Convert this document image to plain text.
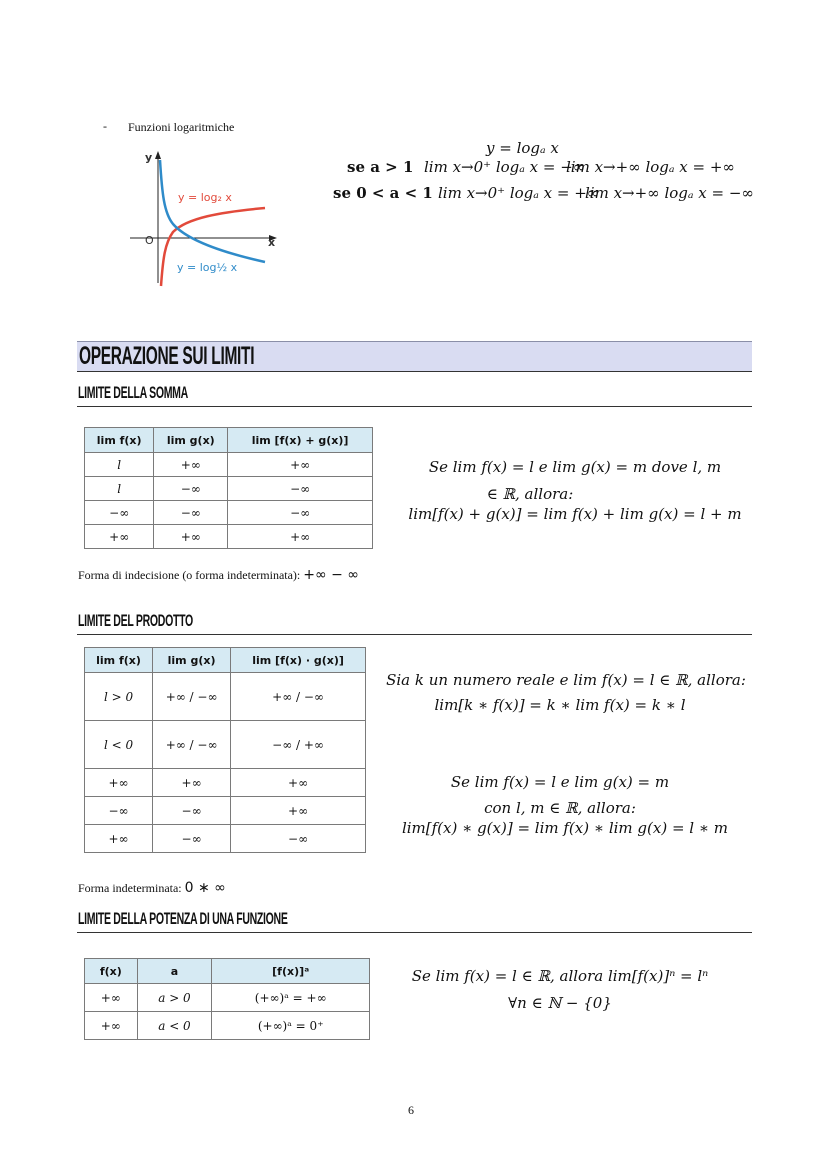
- Funzioni logaritmiche
y
x
O
y = log₂ x
y = log½ x
y = logₐ x
se a > 1 lim x→0⁺ logₐ x = −∞
lim x→+∞ logₐ x = +∞
se 0 < a < 1 lim x→0⁺ logₐ x = +∞
lim x→+∞ logₐ x = −∞
OPERAZIONE SUI LIMITI
LIMITE DELLA SOMMA
lim f(x)	lim g(x)	lim [f(x) + g(x)]
l	+∞	+∞
l	−∞	−∞
−∞	−∞	−∞
+∞	+∞	+∞
Se lim f(x) = l e lim g(x) = m dove l, m
∈ ℝ, allora:
lim[f(x) + g(x)] = lim f(x) + lim g(x) = l + m
Forma di indecisione (o forma indeterminata): +∞ − ∞
LIMITE DEL PRODOTTO
lim f(x)	lim g(x)	lim [f(x) · g(x)]
l > 0	+∞ / −∞	+∞ / −∞
l < 0	+∞ / −∞	−∞ / +∞
+∞	+∞	+∞
−∞	−∞	+∞
+∞	−∞	−∞
Sia k un numero reale e lim f(x) = l ∈ ℝ, allora:
lim[k ∗ f(x)] = k ∗ lim f(x) = k ∗ l
Se lim f(x) = l e lim g(x) = m
con l, m ∈ ℝ, allora:
lim[f(x) ∗ g(x)] = lim f(x) ∗ lim g(x) = l ∗ m
Forma indeterminata: 0 ∗ ∞
LIMITE DELLA POTENZA DI UNA FUNZIONE
f(x)	a	[f(x)]ᵃ
+∞	a > 0	(+∞)ᵃ = +∞
+∞	a < 0	(+∞)ᵃ = 0⁺
Se lim f(x) = l ∈ ℝ, allora lim[f(x)]ⁿ = lⁿ
∀n ∈ ℕ − {0}
6
